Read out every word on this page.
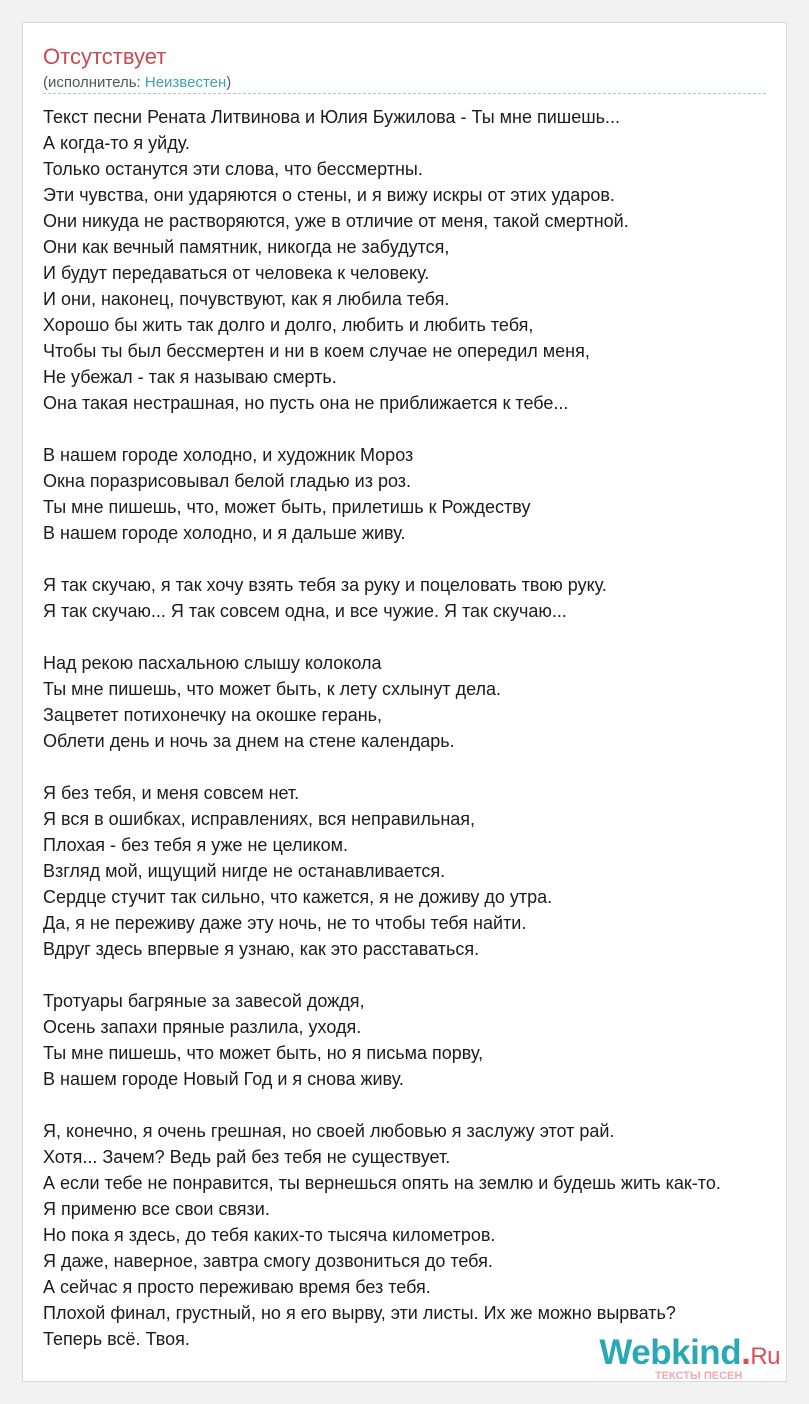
Отсутствует
(исполнитель: Неизвестен)
Текст песни Рената Литвинова и Юлия Бужилова - Ты мне пишешь...
А когда-то я уйду.
Только останутся эти слова, что бессмертны.
Эти чувства, они ударяются о стены, и я вижу искры от этих ударов.
Они никуда не растворяются, уже в отличие от меня, такой смертной.
Они как вечный памятник, никогда не забудутся,
И будут передаваться от человека к человеку.
И они, наконец, почувствуют, как я любила тебя.
Хорошо бы жить так долго и долго, любить и любить тебя,
Чтобы ты был бессмертен и ни в коем случае не опередил меня,
Не убежал - так я называю смерть.
Она такая нестрашная, но пусть она не приближается к тебе...
В нашем городе холодно, и художник Мороз
Окна поразрисовывал белой гладью из роз.
Ты мне пишешь, что, может быть, прилетишь к Рождеству
В нашем городе холодно, и я дальше живу.
Я так скучаю, я так хочу взять тебя за руку и поцеловать твою руку.
Я так скучаю... Я так совсем одна, и все чужие. Я так скучаю...
Над рекою пасхальною слышу колокола
Ты мне пишешь, что может быть, к лету схлынут дела.
Зацветет потихонечку на окошке герань,
Облети день и ночь за днем на стене календарь.
Я без тебя, и меня совсем нет.
Я вся в ошибках, исправлениях, вся неправильная,
Плохая - без тебя я уже не целиком.
Взгляд мой, ищущий нигде не останавливается.
Сердце стучит так сильно, что кажется, я не доживу до утра.
Да, я не переживу даже эту ночь, не то чтобы тебя найти.
Вдруг здесь впервые я узнаю, как это расставаться.
Тротуары багряные за завесой дождя,
Осень запахи пряные разлила, уходя.
Ты мне пишешь, что может быть, но я письма порву,
В нашем городе Новый Год и я снова живу.
Я, конечно, я очень грешная, но своей любовью я заслужу этот рай.
Хотя... Зачем? Ведь рай без тебя не существует.
А если тебе не понравится, ты вернешься опять на землю и будешь жить как-то.
Я применю все свои связи.
Но пока я здесь, до тебя каких-то тысяча километров.
Я даже, наверное, завтра смогу дозвониться до тебя.
А сейчас я просто переживаю время без тебя.
Плохой финал, грустный, но я его вырву, эти листы. Их же можно вырвать?
Теперь всё. Твоя.	Webkind.Ru
ТЕКСТЫ ПЕСЕН
